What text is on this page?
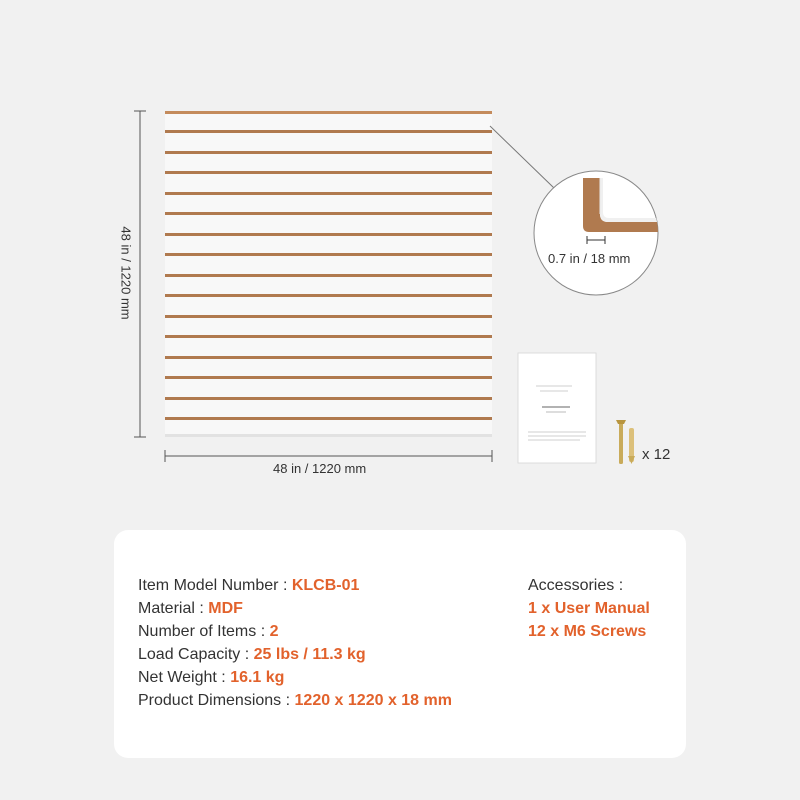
48 in / 1220 mm
48 in / 1220 mm
0.7 in / 18 mm
x 12
Item Model Number : KLCB-01
Material : MDF
Number of Items : 2
Load Capacity : 25 lbs / 11.3 kg
Net Weight : 16.1 kg
Product Dimensions : 1220 x 1220 x 18 mm
Accessories :
1 x User Manual
12 x M6 Screws
